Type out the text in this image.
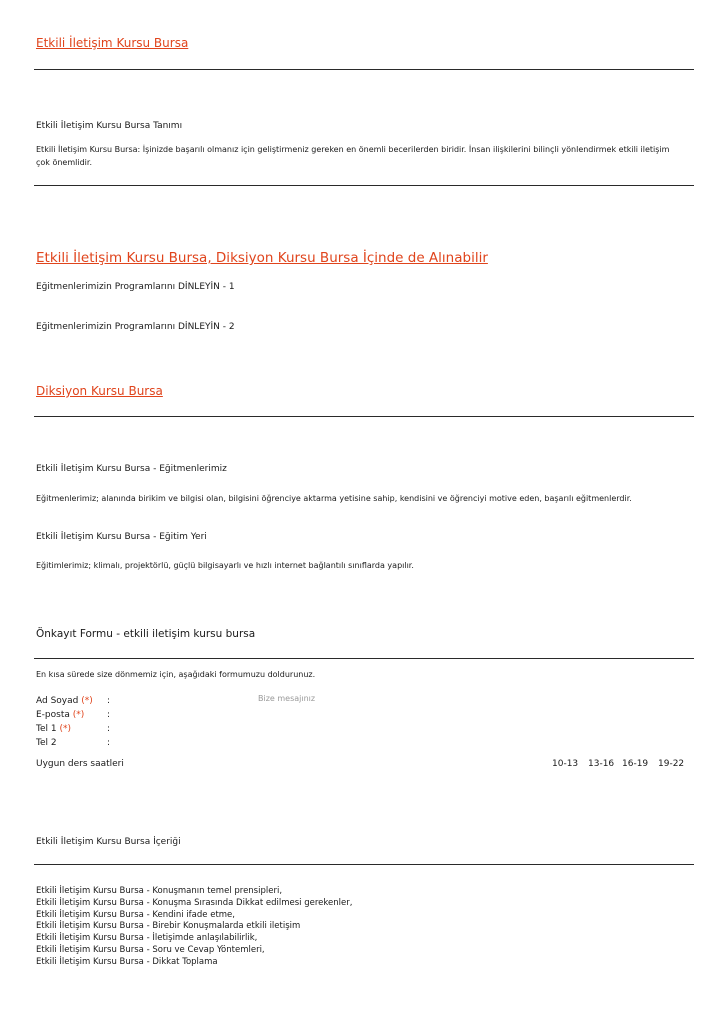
Etkili İletişim Kursu Bursa
Etkili İletişim Kursu Bursa Tanımı
Etkili İletişim Kursu Bursa: İşinizde başarılı olmanız için geliştirmeniz gereken en önemli becerilerden biridir. İnsan ilişkilerini bilinçli yönlendirmek etkili iletişim çok önemlidir.
Etkili İletişim Kursu Bursa, Diksiyon Kursu Bursa İçinde de Alınabilir
Eğitmenlerimizin Programlarını DİNLEYİN - 1
Eğitmenlerimizin Programlarını DİNLEYİN - 2
Diksiyon Kursu Bursa
Etkili İletişim Kursu Bursa - Eğitmenlerimiz
Eğitmenlerimiz; alanında birikim ve bilgisi olan, bilgisini öğrenciye aktarma yetisine sahip, kendisini ve öğrenciyi motive eden, başarılı eğitmenlerdir.
Etkili İletişim Kursu Bursa - Eğitim Yeri
Eğitimlerimiz; klimalı, projektörlü, güçlü bilgisayarlı ve hızlı internet bağlantılı sınıflarda yapılır.
Önkayıt Formu - etkili iletişim kursu bursa
En kısa sürede size dönmemiz için, aşağıdaki formumuzu doldurunuz.
Ad Soyad (*) :
E-posta (*)	:
Tel 1 (*)	:
Tel 2	:
Bize mesajınız
Uygun ders saatleri	10-13 13-16 16-19 19-22
Etkili İletişim Kursu Bursa İçeriği
Etkili İletişim Kursu Bursa - Konuşmanın temel prensipleri,
Etkili İletişim Kursu Bursa - Konuşma Sırasında Dikkat edilmesi gerekenler,
Etkili İletişim Kursu Bursa - Kendini ifade etme,
Etkili İletişim Kursu Bursa - Birebir Konuşmalarda etkili iletişim
Etkili İletişim Kursu Bursa - İletişimde anlaşılabilirlik,
Etkili İletişim Kursu Bursa - Soru ve Cevap Yöntemleri,
Etkili İletişim Kursu Bursa - Dikkat Toplama
